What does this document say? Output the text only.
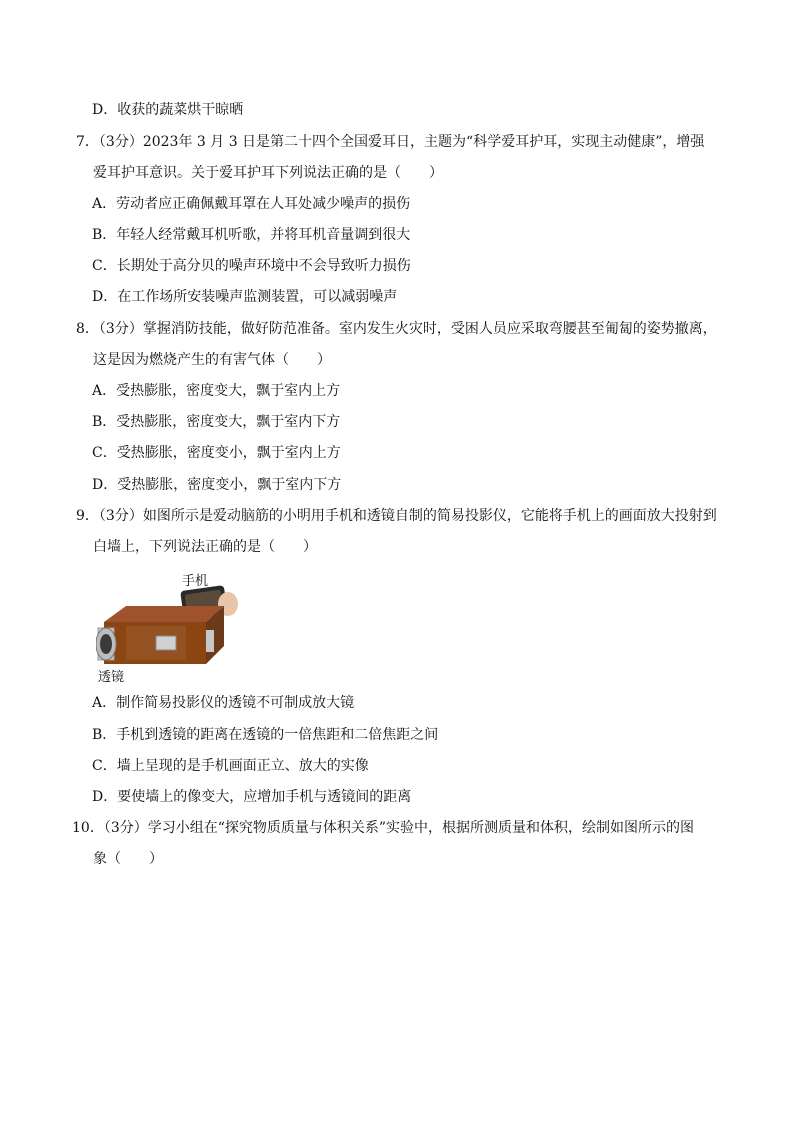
D．收获的蔬菜烘干晾晒
7．（3分）2023年 3 月 3 日是第二十四个全国爱耳日，主题为“科学爱耳护耳，实现主动健康”，增强
爱耳护耳意识。关于爱耳护耳下列说法正确的是（　　）
A．劳动者应正确佩戴耳罩在人耳处减少噪声的损伤
B．年轻人经常戴耳机听歌，并将耳机音量调到很大
C．长期处于高分贝的噪声环境中不会导致听力损伤
D．在工作场所安装噪声监测装置，可以减弱噪声
8．（3分）掌握消防技能，做好防范准备。室内发生火灾时，受困人员应采取弯腰甚至匍匐的姿势撤离，
这是因为燃烧产生的有害气体（　　）
A．受热膨胀，密度变大，飘于室内上方
B．受热膨胀，密度变大，飘于室内下方
C．受热膨胀，密度变小，飘于室内上方
D．受热膨胀，密度变小，飘于室内下方
9．（3分）如图所示是爱动脑筋的小明用手机和透镜自制的简易投影仪，它能将手机上的画面放大投射到
白墙上，下列说法正确的是（　　）
手机
透镜
A．制作简易投影仪的透镜不可制成放大镜
B．手机到透镜的距离在透镜的一倍焦距和二倍焦距之间
C．墙上呈现的是手机画面正立、放大的实像
D．要使墙上的像变大，应增加手机与透镜间的距离
10．（3分）学习小组在“探究物质质量与体积关系”实验中，根据所测质量和体积，绘制如图所示的图
象（　　）
